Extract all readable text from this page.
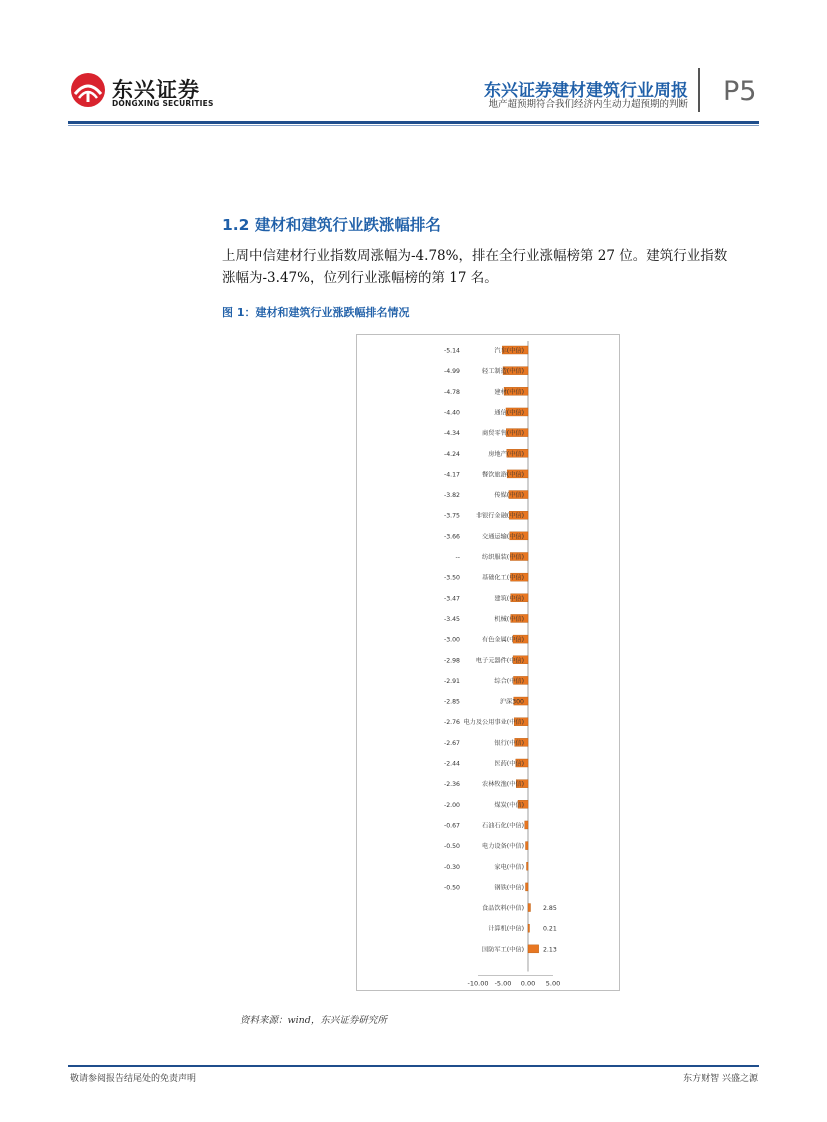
东兴证券
DONGXING SECURITIES
东兴证券建材建筑行业周报
地产超预期符合我们经济内生动力超预期的判断 P5
1.2 建材和建筑行业跌涨幅排名

上周中信建材行业指数周涨幅为-4.78%，排在全行业涨幅榜第 27 位。建筑行业指数

涨幅为-3.47%，位列行业涨幅榜的第 17 名。

图 1：建材和建筑行业涨跌幅排名情况
汽车(中信)
-5.14
轻工制造(中信)
-4.99
建材(中信)
-4.78
通信(中信)
-4.40
商贸零售(中信)
-4.34
房地产(中信)
-4.24
餐饮旅游(中信)
-4.17
传媒(中信)
-3.82
非银行金融(中信)
-3.75
交通运输(中信)
-3.66
纺织服装(中信)
--
基础化工(中信)
-3.50
建筑(中信)
-3.47
机械(中信)
-3.45
有色金属(中信)
-3.00
电子元器件(中信)
-2.98
综合(中信)
-2.91
沪深300
-2.85
电力及公用事业(中信)
-2.76
银行(中信)
-2.67
医药(中信)
-2.44
农林牧渔(中信)
-2.36
煤炭(中信)
-2.00
石油石化(中信)
-0.67
电力设备(中信)
-0.50
家电(中信)
-0.30
钢铁(中信)
-0.50
食品饮料(中信)	2.85
计算机(中信)	0.21
国防军工(中信)	2.13
-10.00 -5.00 0.00 5.00
资料来源：wind，东兴证券研究所
敬请参阅报告结尾处的免责声明	东方财智 兴盛之源
